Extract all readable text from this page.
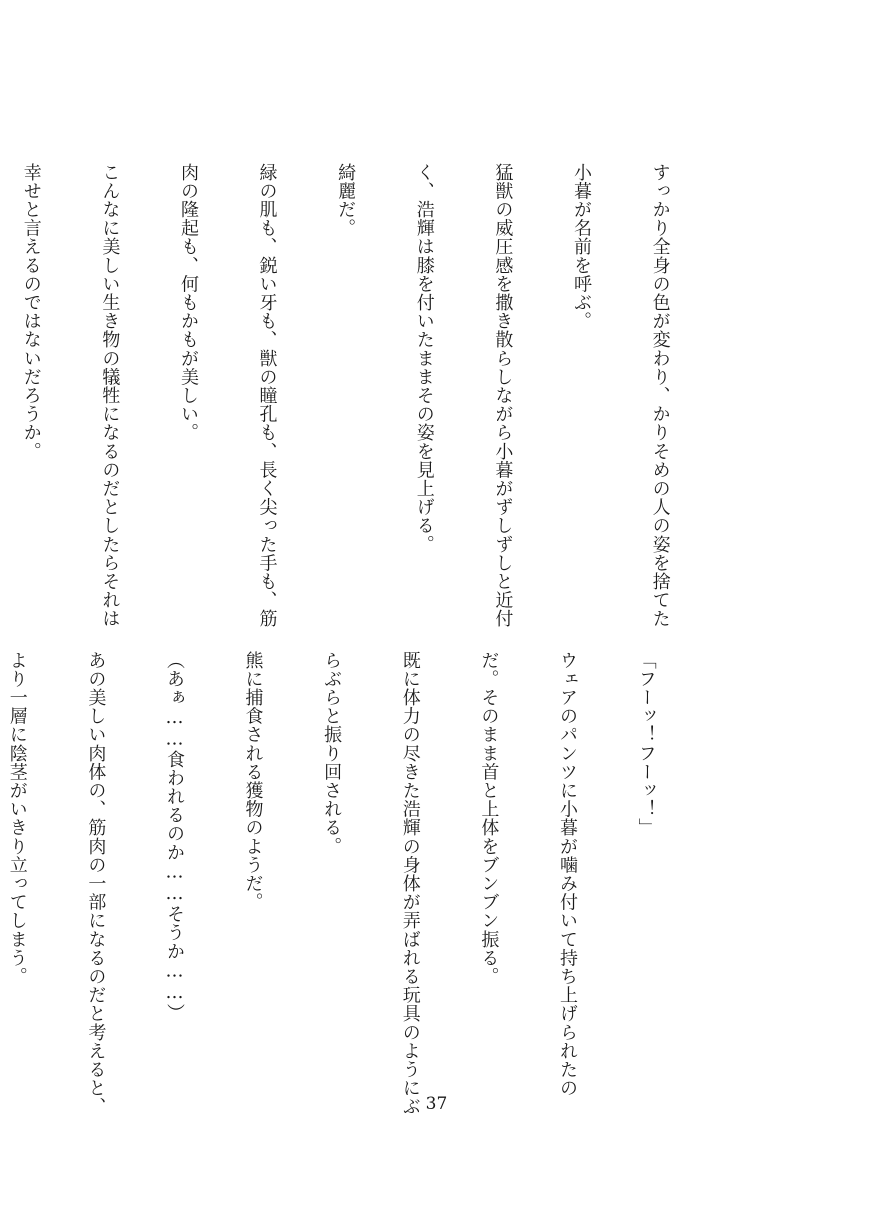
すっかり全身の色が変わり、かりそめの人の姿を捨てた

小暮が名前を呼ぶ。

猛獣の威圧感を撒き散らしながら小暮がずしずしと近付

く、浩輝は膝を付いたままその姿を見上げる。

綺麗だ。

緑の肌も、鋭い牙も、獣の瞳孔も、長く尖った手も、筋

肉の隆起も、何もかもが美しい。

こんなに美しい生き物の犠牲になるのだとしたらそれは

幸せと言えるのではないだろうか。

「フーッ！フーッ！」

ウェアのパンツに小暮が噛み付いて持ち上げられたの

だ。そのまま首と上体をブンブン振る。

既に体力の尽きた浩輝の身体が弄ばれる玩具のようにぶ

らぶらと振り回される。

熊に捕食される獲物のようだ。

（あぁ……食われるのか……そうか……）

あの美しい肉体の、筋肉の一部になるのだと考えると、

より一層に陰茎がいきり立ってしまう。

37
